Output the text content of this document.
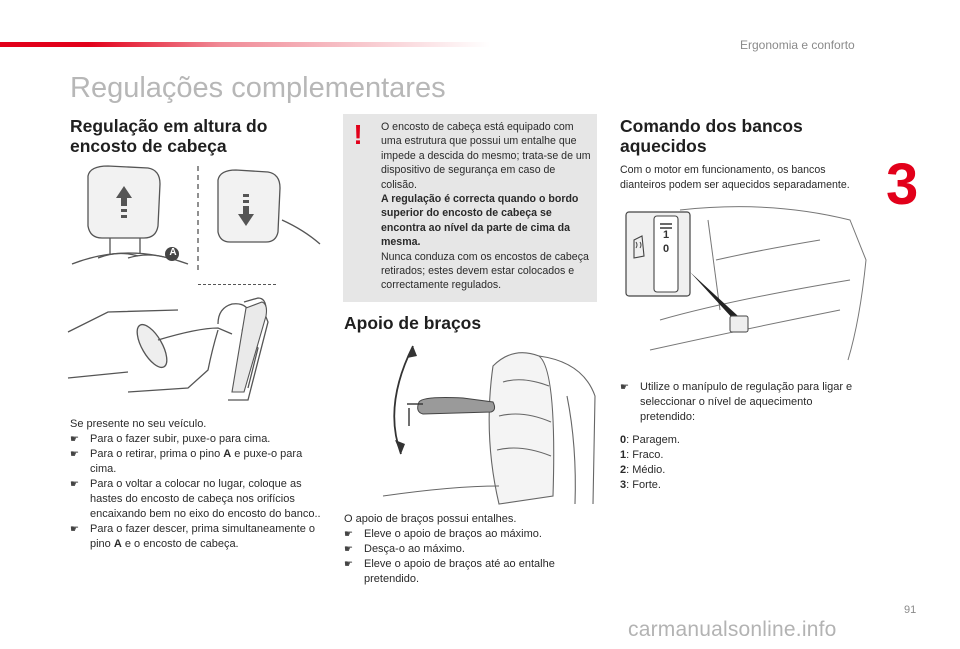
Ergonomia e conforto
3
Regulações complementares
Regulação em altura do
encosto de cabeça
A
Se presente no seu veículo.
☛ Para o fazer subir, puxe-o para cima.
☛ Para o retirar, prima o pino A e puxe-o para cima.
☛ Para o voltar a colocar no lugar, coloque as hastes do encosto de cabeça nos orifícios encaixando bem no eixo do encosto do banco..
☛ Para o fazer descer, prima simultaneamente o pino A e o encosto de cabeça.
!	O encosto de cabeça está equipado com uma estrutura que possui um entalhe que impede a descida do mesmo; trata-se de um dispositivo de segurança em caso de colisão.
A regulação é correcta quando o bordo superior do encosto de cabeça se encontra ao nível da parte de cima da mesma.
Nunca conduza com os encostos de cabeça retirados; estes devem estar colocados e correctamente regulados.
Apoio de braços
O apoio de braços possui entalhes.
☛ Eleve o apoio de braços ao máximo.
☛ Desça-o ao máximo.
☛ Eleve o apoio de braços até ao entalhe pretendido.
Comando dos bancos
aquecidos
Com o motor em funcionamento, os bancos dianteiros podem ser aquecidos separadamente.
1
0
☛ Utilize o manípulo de regulação para ligar e seleccionar o nível de aquecimento pretendido:
0: Paragem.
1: Fraco.
2: Médio.
3: Forte.
91
carmanualsonline.info
